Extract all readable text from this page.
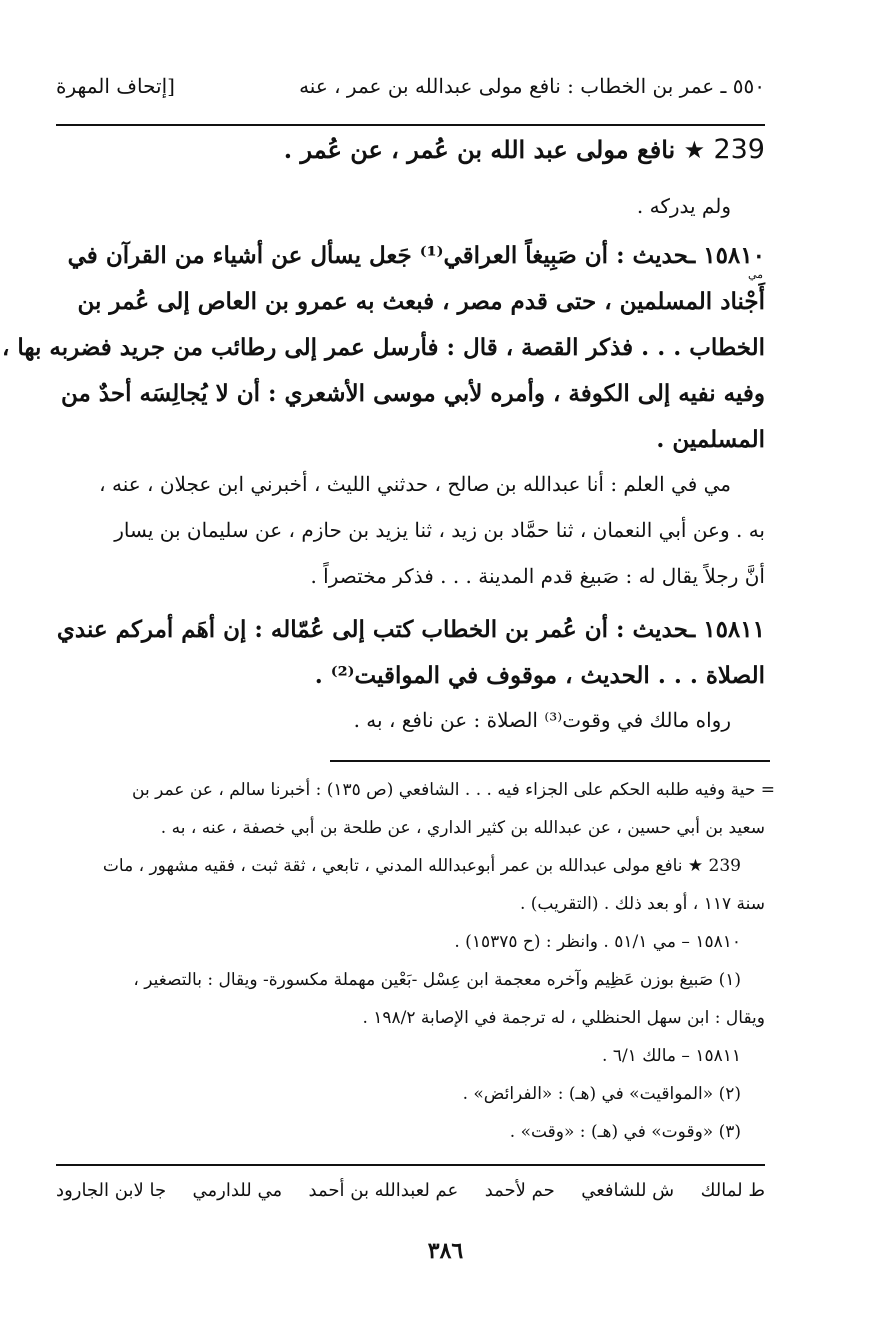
٥٥٠ ـ عمر بن الخطاب : نافع مولى عبدالله بن عمر ، عنه
[إتحاف المهرة
239 ★ نافع مولى عبد الله بن عُمر ، عن عُمر .
ولم يدركه .
١٥٨١٠ ـحديث : أن صَبِيغاً العراقي⁽¹⁾ جَعل يسأل عن أشياء من القرآن في
مي
أَجْناد المسلمين ، حتى قدم مصر ، فبعث به عمرو بن العاص إلى عُمر بن
الخطاب . . . فذكر القصة ، قال : فأرسل عمر إلى رطائب من جريد فضربه بها ،
وفيه نفيه إلى الكوفة ، وأمره لأبي موسى الأشعري : أن لا يُجالِسَه أحدٌ من
المسلمين .
مي في العلم : أنا عبدالله بن صالح ، حدثني الليث ، أخبرني ابن عجلان ، عنه ،
به . وعن أبي النعمان ، ثنا حمَّاد بن زيد ، ثنا يزيد بن حازم ، عن سليمان بن يسار
أنَّ رجلاً يقال له : صَبيغ قدم المدينة . . . فذكر مختصراً .
١٥٨١١ ـحديث : أن عُمر بن الخطاب كتب إلى عُمّاله : إن أهَم أمركم عندي
الصلاة . . . الحديث ، موقوف في المواقيت⁽²⁾ .
رواه مالك في وقوت⁽³⁾ الصلاة : عن نافع ، به .
= حية وفيه طلبه الحكم على الجزاء فيه . . . الشافعي (ص ١٣٥) : أخبرنا سالم ، عن عمر بن
سعيد بن أبي حسين ، عن عبدالله بن كثير الداري ، عن طلحة بن أبي خصفة ، عنه ، به .
239 ★ نافع مولى عبدالله بن عمر أبوعبدالله المدني ، تابعي ، ثقة ثبت ، فقيه مشهور ، مات
سنة ١١٧ ، أو بعد ذلك . (التقريب) .
١٥٨١٠ – مي ٥١/١ . وانظر : (ح ١٥٣٧٥) .
(١) صَبيغ بوزن عَظِيم وآخره معجمة ابن عِسْل -بَعْين مهملة مكسورة- ويقال : بالتصغير ،
ويقال : ابن سهل الحنظلي ، له ترجمة في الإصابة ١٩٨/٢ .
١٥٨١١ – مالك ٦/١ .
(٢) «المواقيت» في (هـ) : «الفرائض» .
(٣) «وقوت» في (هـ) : «وقت» .
ط لمالك
ش للشافعي
حم لأحمد
عم لعبدالله بن أحمد
مي للدارمي
جا لابن الجارود
٣٨٦
